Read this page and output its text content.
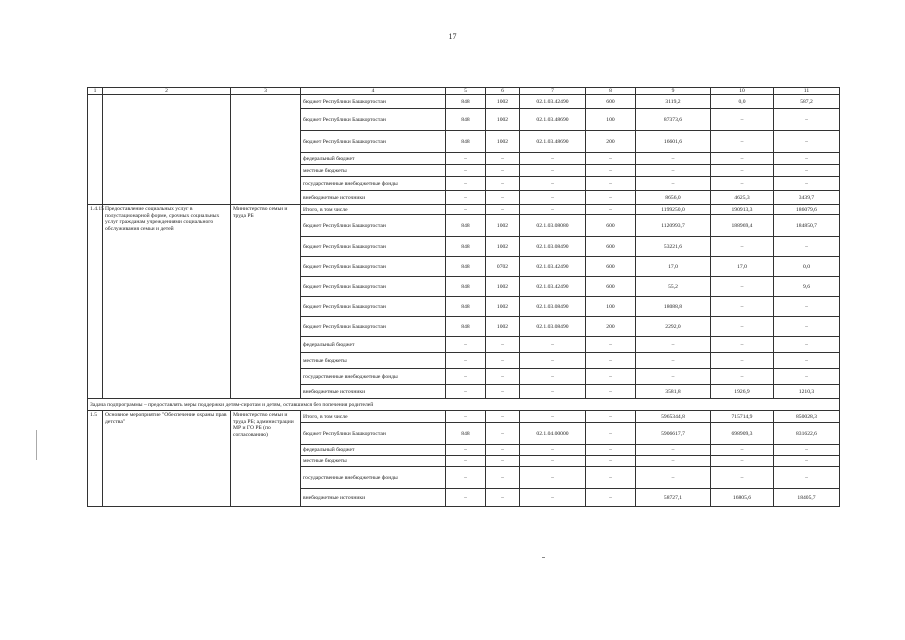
17
1	2	3	4	5	6	7	8	9	10	11
			бюджет Республики Башкортостан	848	1002	02.1.03.42490	600	3119,2	0,0	587,2
			бюджет Республики Башкортостан	848	1002	02.1.03.48690	100	87373,6	–	–
			бюджет Республики Башкортостан	848	1002	02.1.03.48690	200	16601,6	–	–
			федеральный бюджет	–	–	–	–	–	–	–
			местные бюджеты	–	–	–	–	–	–	–
			государственные внебюджетные фонды	–	–	–	–	–	–	–
			внебюджетные источники	–	–	–	–	8656,0	4625,3	3439,7
1.4.15	Предоставление социальных услуг в полустационарной форме, срочных социальных услуг гражданам учреждениями социального обслуживания семьи и детей	Министерство семьи и труда РБ	Итого, в том числе	–	–	–	–	1199250,0	190913,3	186079,6
			бюджет Республики Башкортостан	848	1002	02.1.03.08080	600	1120993,7	188969,4	184850,7
			бюджет Республики Башкортостан	848	1002	02.1.03.08490	600	53221,6	–	–
			бюджет Республики Башкортостан	848	0702	02.1.03.42490	600	17,0	17,0	0,0
			бюджет Республики Башкортостан	848	1002	02.1.03.42490	600	55,2	–	9,6
			бюджет Республики Башкортостан	848	1002	02.1.03.08490	100	18088,8	–	–
			бюджет Республики Башкортостан	848	1002	02.1.03.08490	200	2292,0	–	–
			федеральный бюджет	–	–	–	–	–	–	–
			местные бюджеты	–	–	–	–	–	–	–
			государственные внебюджетные фонды	–	–	–	–	–	–	–
			внебюджетные источники	–	–	–	–	3581,8	1926,9	1210,3
Задача подпрограммы – предоставлять меры поддержки детям-сиротам и детям, оставшимся без попечения родителей										
1.5	Основное мероприятие "Обеспечение охраны прав детства"	Министерство семьи и труда РБ; администрации МР и ГО РБ (по согласованию)	Итого, в том числе	–	–	–	–	5965344,8	715714,9	850028,3
			бюджет Республики Башкортостан	848	–	02.1.04.00000	–	5906617,7	698909,3	831622,6
			федеральный бюджет	–	–	–	–	–	–	–
			местные бюджеты	–	–	–	–	–	–	–
			государственные внебюджетные фонды	–	–	–	–	–	–	–
			внебюджетные источники	–	–	–	–	58727,1	16805,6	18405,7
